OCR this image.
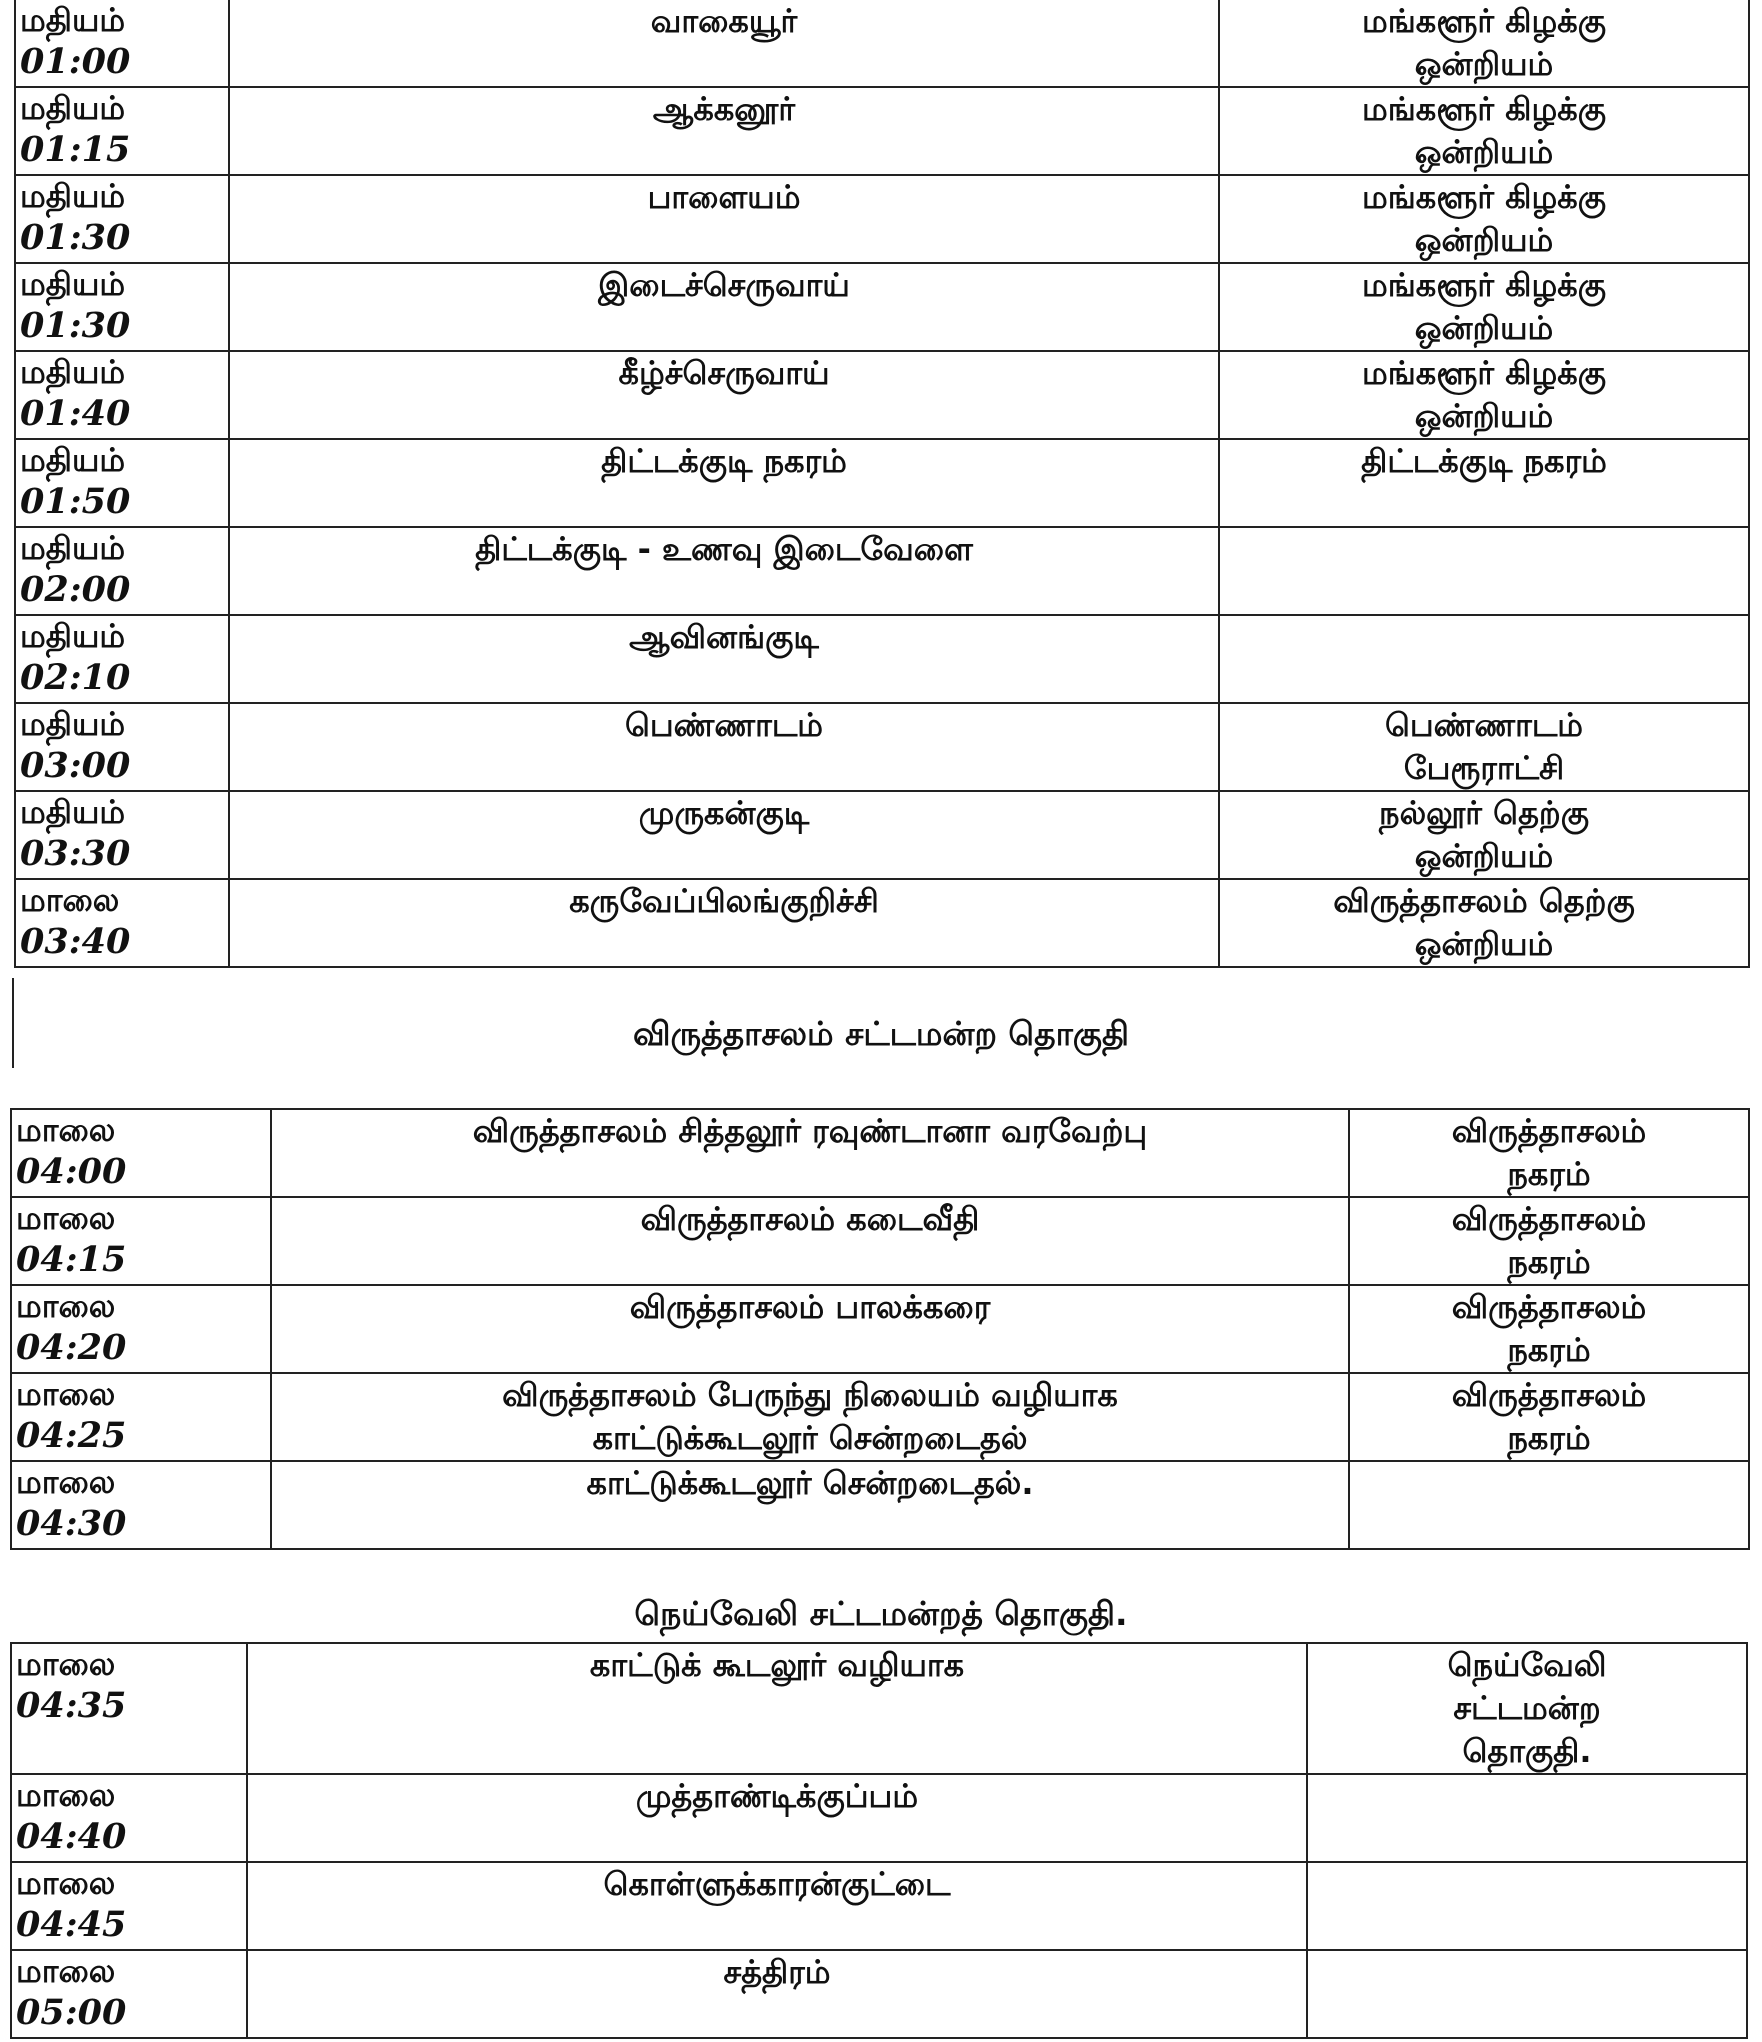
மதியம்
01:00	வாகையூர்	மங்களூர் கிழக்கு
ஒன்றியம்

மதியம்
01:15	ஆக்கனூர்	மங்களூர் கிழக்கு
ஒன்றியம்

மதியம்
01:30	பாளையம்	மங்களூர் கிழக்கு
ஒன்றியம்

மதியம்
01:30	இடைச்செருவாய்	மங்களூர் கிழக்கு
ஒன்றியம்

மதியம்
01:40	கீழ்ச்செருவாய்	மங்களூர் கிழக்கு
ஒன்றியம்

மதியம்
01:50	திட்டக்குடி நகரம்	திட்டக்குடி நகரம்

மதியம்
02:00	திட்டக்குடி - உணவு இடைவேளை	

மதியம்
02:10	ஆவினங்குடி	

மதியம்
03:00	பெண்ணாடம்	பெண்ணாடம்
பேரூராட்சி

மதியம்
03:30	முருகன்குடி	நல்லூர் தெற்கு
ஒன்றியம்

மாலை
03:40	கருவேப்பிலங்குறிச்சி	விருத்தாசலம் தெற்கு
ஒன்றியம்
விருத்தாசலம் சட்டமன்ற தொகுதி
மாலை
04:00	விருத்தாசலம் சித்தலூர் ரவுண்டானா வரவேற்பு	விருத்தாசலம்
நகரம்

மாலை
04:15	விருத்தாசலம் கடைவீதி	விருத்தாசலம்
நகரம்

மாலை
04:20	விருத்தாசலம் பாலக்கரை	விருத்தாசலம்
நகரம்

மாலை
04:25	விருத்தாசலம் பேருந்து நிலையம் வழியாக
காட்டுக்கூடலூர் சென்றடைதல்	விருத்தாசலம்
நகரம்

மாலை
04:30	காட்டுக்கூடலூர் சென்றடைதல்.

நெய்வேலி சட்டமன்றத் தொகுதி.
மாலை
04:35	காட்டுக் கூடலூர் வழியாக	நெய்வேலி
சட்டமன்ற
தொகுதி.

மாலை
04:40	முத்தாண்டிக்குப்பம்	

மாலை
04:45	கொள்ளுக்காரன்குட்டை	

மாலை
05:00	சத்திரம்	
